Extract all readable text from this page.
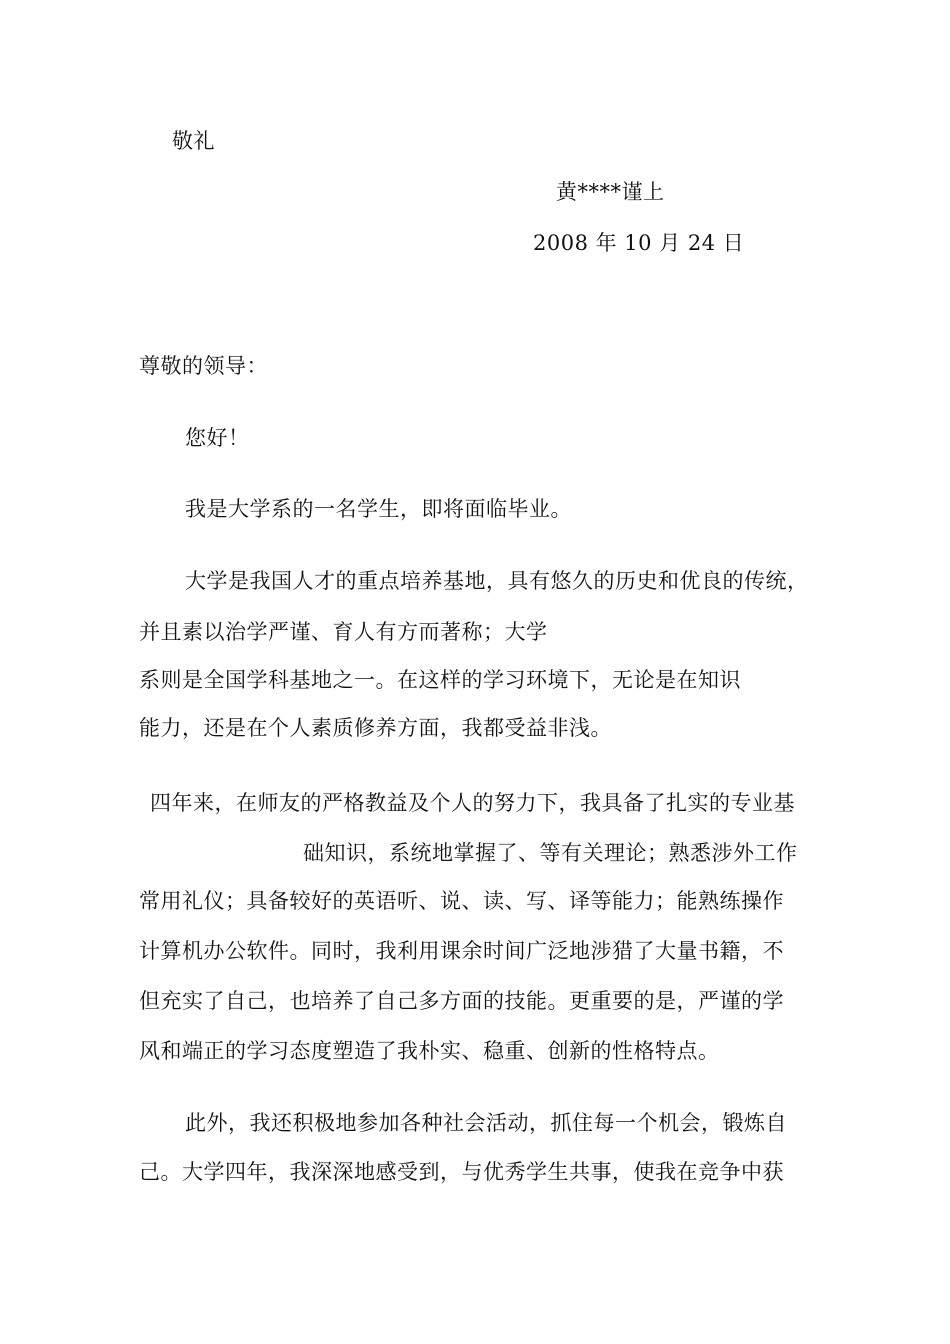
敬礼
黄****谨上
2008 年 10 月 24 日
尊敬的领导：
您好！
我是大学系的一名学生，即将面临毕业。
大学是我国人才的重点培养基地，具有悠久的历史和优良的传统，
并且素以治学严谨、育人有方而著称；大学
系则是全国学科基地之一。在这样的学习环境下，无论是在知识
能力，还是在个人素质修养方面，我都受益非浅。
四年来，在师友的严格教益及个人的努力下，我具备了扎实的专业基
础知识，系统地掌握了、等有关理论；熟悉涉外工作
常用礼仪；具备较好的英语听、说、读、写、译等能力；能熟练操作
计算机办公软件。同时，我利用课余时间广泛地涉猎了大量书籍，不
但充实了自己，也培养了自己多方面的技能。更重要的是，严谨的学
风和端正的学习态度塑造了我朴实、稳重、创新的性格特点。
此外，我还积极地参加各种社会活动，抓住每一个机会，锻炼自
己。大学四年，我深深地感受到，与优秀学生共事，使我在竞争中获
